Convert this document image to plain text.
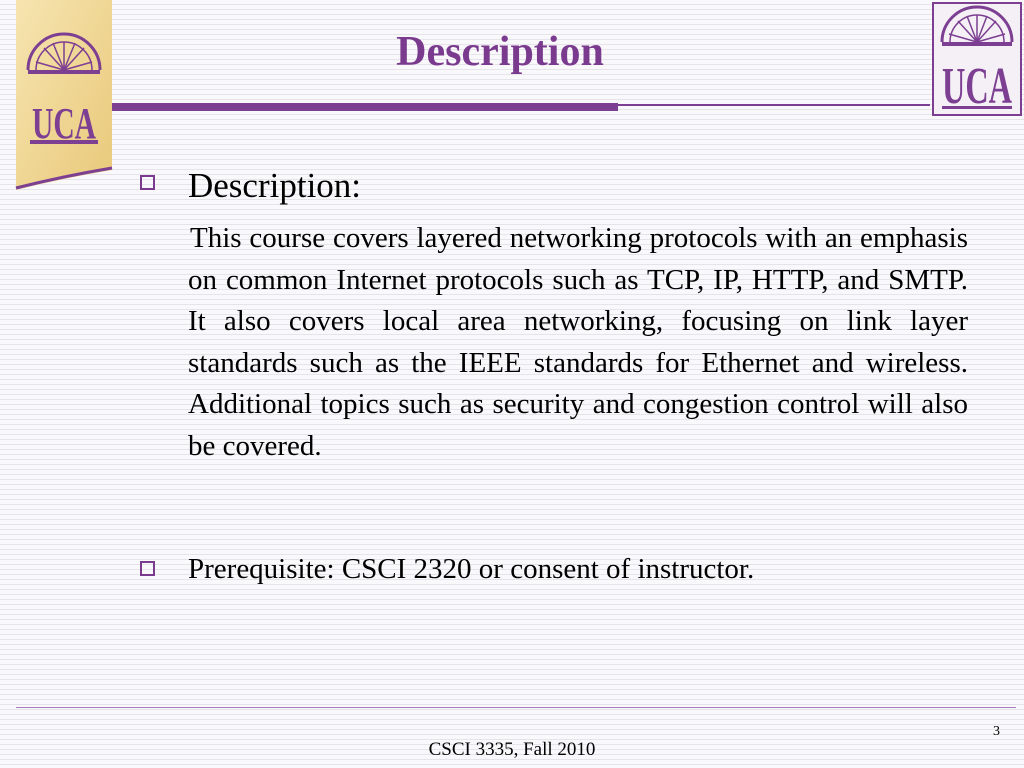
UCA
UCA
Description
Description:
This course covers layered networking protocols with an emphasis on common Internet protocols such as TCP, IP, HTTP, and SMTP. It also covers local area networking, focusing on link layer standards such as the IEEE standards for Ethernet and wireless. Additional topics such as security and congestion control will also be covered.
Prerequisite: CSCI 2320 or consent of instructor.
3
CSCI 3335, Fall 2010
